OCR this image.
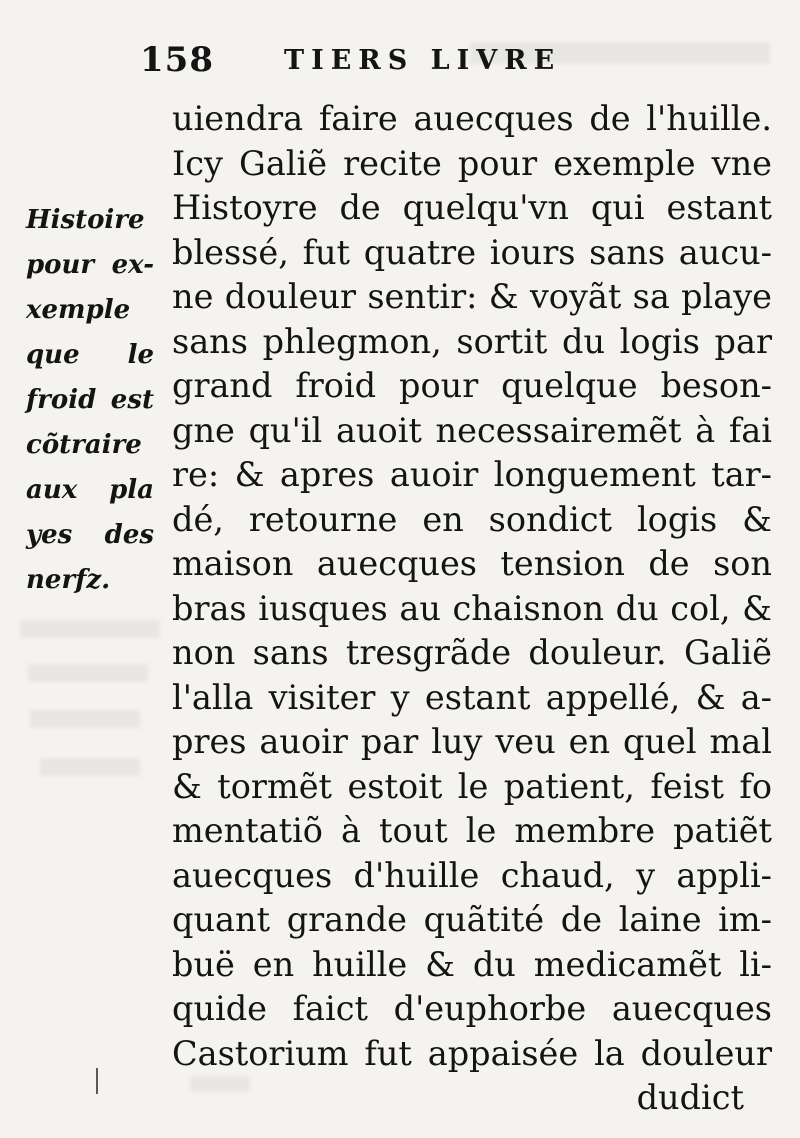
158	TIERS LIVRE
Histoire
pour ex-
xemple
que le
froid est
cõtraire
aux pla
yes des
nerfz.
uiendra faire auecques de l'huille.
Icy Galiẽ recite pour exemple vne
Histoyre de quelqu'vn qui estant
blessé, fut quatre iours sans aucu-
ne douleur sentir: & voyãt sa playe
sans phlegmon, sortit du logis par
grand froid pour quelque beson-
gne qu'il auoit necessairemẽt à fai
re: & apres auoir longuement tar-
dé, retourne en sondict logis &
maison auecques tension de son
bras iusques au chaisnon du col, &
non sans tresgrãde douleur. Galiẽ
l'alla visiter y estant appellé, & a-
pres auoir par luy veu en quel mal
& tormẽt estoit le patient, feist fo
mentatiõ à tout le membre patiẽt
auecques d'huille chaud, y appli-
quant grande quãtité de laine im-
buë en huille & du medicamẽt li-
quide faict d'euphorbe auecques
Castorium fut appaisée la douleur
dudict
